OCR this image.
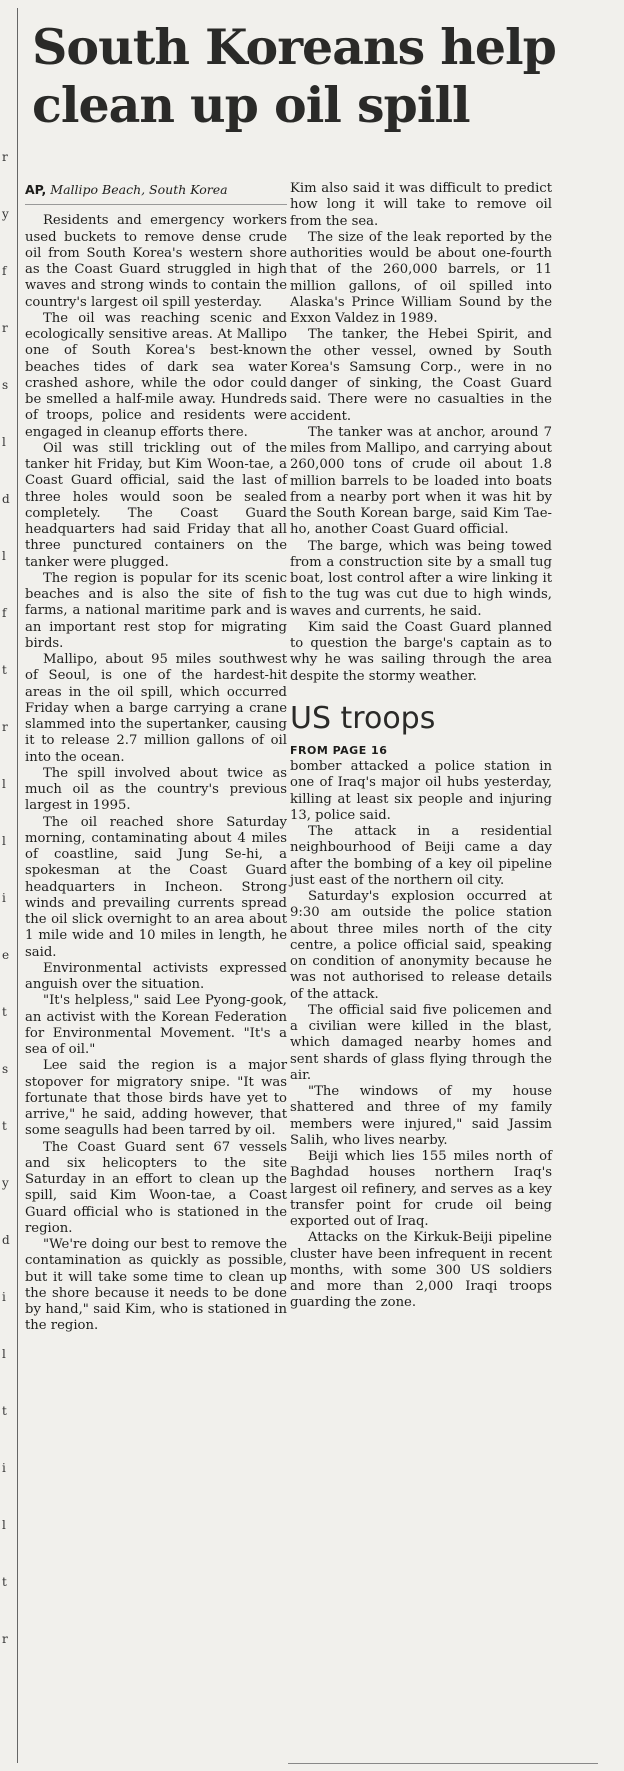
r
y
f
r
s
l
d
l
f
t
r
l
l
i
e
t
s
t
y
d
i
l
t
i
l
t
r
South Koreans help clean up oil spill

AP, Mallipo Beach, South Korea

Residents and emergency workers used buckets to remove dense crude oil from South Korea's western shore as the Coast Guard struggled in high waves and strong winds to contain the country's largest oil spill yesterday.

The oil was reaching scenic and ecologically sensitive areas. At Mallipo one of South Korea's best-known beaches tides of dark sea water crashed ashore, while the odor could be smelled a half-mile away. Hundreds of troops, police and residents were engaged in cleanup efforts there.

Oil was still trickling out of the tanker hit Friday, but Kim Woon-tae, a Coast Guard official, said the last of three holes would soon be sealed completely. The Coast Guard headquarters had said Friday that all three punctured containers on the tanker were plugged.

The region is popular for its scenic beaches and is also the site of fish farms, a national maritime park and is an important rest stop for migrating birds.

Mallipo, about 95 miles southwest of Seoul, is one of the hardest-hit areas in the oil spill, which occurred Friday when a barge carrying a crane slammed into the supertanker, causing it to release 2.7 million gallons of oil into the ocean.

The spill involved about twice as much oil as the country's previous largest in 1995.

The oil reached shore Saturday morning, contaminating about 4 miles of coastline, said Jung Se-hi, a spokesman at the Coast Guard headquarters in Incheon. Strong winds and prevailing currents spread the oil slick overnight to an area about 1 mile wide and 10 miles in length, he said.

Environmental activists expressed anguish over the situation.

"It's helpless," said Lee Pyong-gook, an activist with the Korean Federation for Environmental Movement. "It's a sea of oil."

Lee said the region is a major stopover for migratory snipe. "It was fortunate that those birds have yet to arrive," he said, adding however, that some seagulls had been tarred by oil.

The Coast Guard sent 67 vessels and six helicopters to the site Saturday in an effort to clean up the spill, said Kim Woon-tae, a Coast Guard official who is stationed in the region.

"We're doing our best to remove the contamination as quickly as possible, but it will take some time to clean up the shore because it needs to be done by hand," said Kim, who is stationed in the region.

Kim also said it was difficult to predict how long it will take to remove oil from the sea.

The size of the leak reported by the authorities would be about one-fourth that of the 260,000 barrels, or 11 million gallons, of oil spilled into Alaska's Prince William Sound by the Exxon Valdez in 1989.

The tanker, the Hebei Spirit, and the other vessel, owned by South Korea's Samsung Corp., were in no danger of sinking, the Coast Guard said. There were no casualties in the accident.

The tanker was at anchor, around 7 miles from Mallipo, and carrying about 260,000 tons of crude oil about 1.8 million barrels to be loaded into boats from a nearby port when it was hit by the South Korean barge, said Kim Tae-ho, another Coast Guard official.

The barge, which was being towed from a construction site by a small tug boat, lost control after a wire linking it to the tug was cut due to high winds, waves and currents, he said.

Kim said the Coast Guard planned to question the barge's captain as to why he was sailing through the area despite the stormy weather.

US troops

FROM PAGE 16

bomber attacked a police station in one of Iraq's major oil hubs yesterday, killing at least six people and injuring 13, police said.

The attack in a residential neighbourhood of Beiji came a day after the bombing of a key oil pipeline just east of the northern oil city.

Saturday's explosion occurred at 9:30 am outside the police station about three miles north of the city centre, a police official said, speaking on condition of anonymity because he was not authorised to release details of the attack.

The official said five policemen and a civilian were killed in the blast, which damaged nearby homes and sent shards of glass flying through the air.

"The windows of my house shattered and three of my family members were injured," said Jassim Salih, who lives nearby.

Beiji which lies 155 miles north of Baghdad houses northern Iraq's largest oil refinery, and serves as a key transfer point for crude oil being exported out of Iraq.

Attacks on the Kirkuk-Beiji pipeline cluster have been infrequent in recent months, with some 300 US soldiers and more than 2,000 Iraqi troops guarding the zone.
